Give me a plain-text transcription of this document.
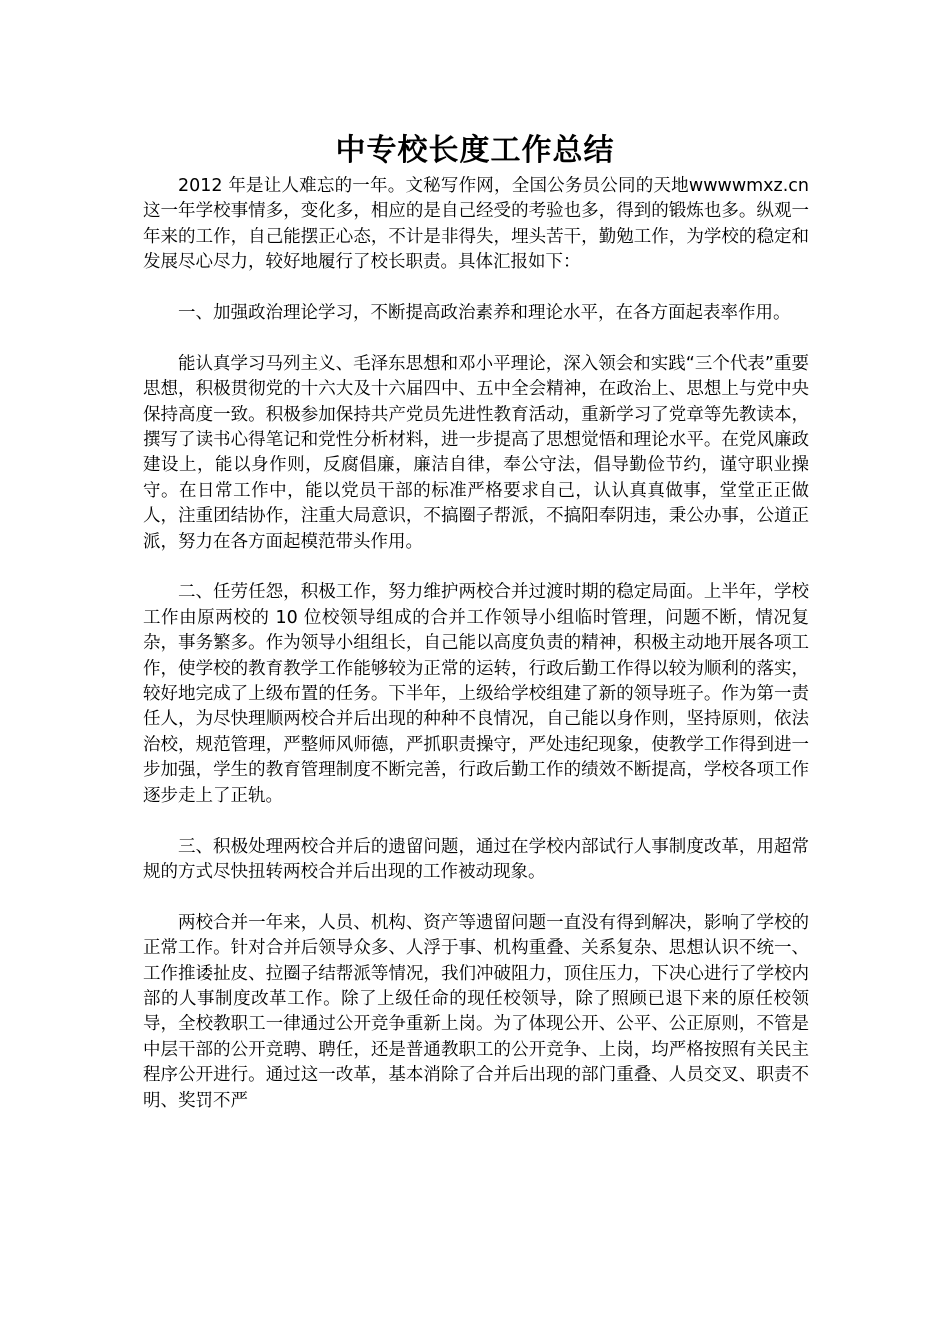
中专校长度工作总结

2012 年是让人难忘的一年。文秘写作网，全国公务员公同的天地wwwwmxz.cn这一年学校事情多，变化多，相应的是自己经受的考验也多，得到的锻炼也多。纵观一年来的工作，自己能摆正心态，不计是非得失，埋头苦干，勤勉工作，为学校的稳定和发展尽心尽力，较好地履行了校长职责。具体汇报如下：

一、加强政治理论学习，不断提高政治素养和理论水平，在各方面起表率作用。

能认真学习马列主义、毛泽东思想和邓小平理论，深入领会和实践“三个代表”重要思想，积极贯彻党的十六大及十六届四中、五中全会精神，在政治上、思想上与党中央保持高度一致。积极参加保持共产党员先进性教育活动，重新学习了党章等先教读本，撰写了读书心得笔记和党性分析材料，进一步提高了思想觉悟和理论水平。在党风廉政建设上，能以身作则，反腐倡廉，廉洁自律，奉公守法，倡导勤俭节约，谨守职业操守。在日常工作中，能以党员干部的标准严格要求自己，认认真真做事，堂堂正正做人，注重团结协作，注重大局意识，不搞圈子帮派，不搞阳奉阴违，秉公办事，公道正派，努力在各方面起模范带头作用。

二、任劳任怨，积极工作，努力维护两校合并过渡时期的稳定局面。上半年，学校工作由原两校的 10 位校领导组成的合并工作领导小组临时管理，问题不断，情况复杂，事务繁多。作为领导小组组长，自己能以高度负责的精神，积极主动地开展各项工作，使学校的教育教学工作能够较为正常的运转，行政后勤工作得以较为顺利的落实，较好地完成了上级布置的任务。下半年，上级给学校组建了新的领导班子。作为第一责任人，为尽快理顺两校合并后出现的种种不良情况，自己能以身作则，坚持原则，依法治校，规范管理，严整师风师德，严抓职责操守，严处违纪现象，使教学工作得到进一步加强，学生的教育管理制度不断完善，行政后勤工作的绩效不断提高，学校各项工作逐步走上了正轨。

三、积极处理两校合并后的遗留问题，通过在学校内部试行人事制度改革，用超常规的方式尽快扭转两校合并后出现的工作被动现象。

两校合并一年来，人员、机构、资产等遗留问题一直没有得到解决，影响了学校的正常工作。针对合并后领导众多、人浮于事、机构重叠、关系复杂、思想认识不统一、工作推诿扯皮、拉圈子结帮派等情况，我们冲破阻力，顶住压力，下决心进行了学校内部的人事制度改革工作。除了上级任命的现任校领导，除了照顾已退下来的原任校领导，全校教职工一律通过公开竞争重新上岗。为了体现公开、公平、公正原则，不管是中层干部的公开竞聘、聘任，还是普通教职工的公开竞争、上岗，均严格按照有关民主程序公开进行。通过这一改革，基本消除了合并后出现的部门重叠、人员交叉、职责不明、奖罚不严
